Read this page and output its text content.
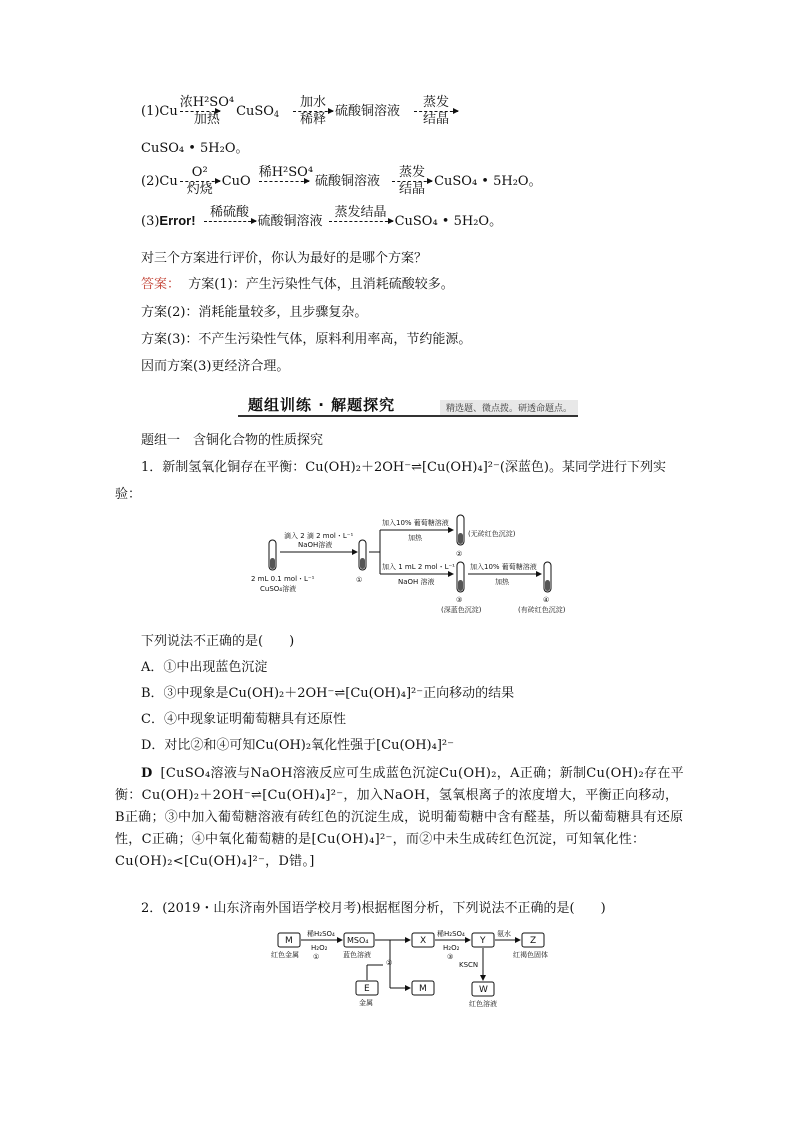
(1)Cu
浓H²SO⁴
加热
CuSO$_4$
加水
稀释
硫酸铜溶液
蒸发
结晶
CuSO₄ • 5H₂O。
(2)Cu
O²
灼烧
CuO
稀H²SO⁴

硫酸铜溶液
蒸发
结晶
CuSO₄ • 5H₂O。
(3)Error!
稀硫酸

硫酸铜溶液
蒸发结晶

CuSO₄ • 5H₂O。
对三个方案进行评价，你认为最好的是哪个方案？
答案： 方案(1)：产生污染性气体，且消耗硫酸较多。
方案(2)：消耗能量较多，且步骤复杂。
方案(3)：不产生污染性气体，原料利用率高，节约能源。
因而方案(3)更经济合理。
题组训练 · 解题探究	精选题、微点拨。研透命题点。
题组一　含铜化合物的性质探究
1．新制氢氧化铜存在平衡：Cu(OH)₂＋2OH⁻⇌[Cu(OH)₄]²⁻(深蓝色)。某同学进行下列实
验：
2 mL 0.1 mol・L⁻¹
CuSO₄溶液
滴入 2 滴 2 mol・L⁻¹
NaOH溶液
①
加入10% 葡萄糖溶液
加热
加入 1 mL 2 mol・L⁻¹
NaOH 溶液
②
(无砖红色沉淀)
③
(深蓝色沉淀)
加入10% 葡萄糖溶液
加热
④
(有砖红色沉淀)
下列说法不正确的是(　　)
A．①中出现蓝色沉淀
B．③中现象是Cu(OH)₂＋2OH⁻⇌[Cu(OH)₄]²⁻正向移动的结果
C．④中现象证明葡萄糖具有还原性
D．对比②和④可知Cu(OH)₂氧化性强于[Cu(OH)₄]²⁻
D [CuSO₄溶液与NaOH溶液反应可生成蓝色沉淀Cu(OH)₂，A正确；新制Cu(OH)₂存在平衡：Cu(OH)₂＋2OH⁻⇌[Cu(OH)₄]²⁻，加入NaOH，氢氧根离子的浓度增大，平衡正向移动，B正确；③中加入葡萄糖溶液有砖红色的沉淀生成，说明葡萄糖中含有醛基，所以葡萄糖具有还原性，C正确；④中氧化葡萄糖的是[Cu(OH)₄]²⁻，而②中未生成砖红色沉淀，可知氧化性：Cu(OH)₂<[Cu(OH)₄]²⁻，D错。]
2．(2019・山东济南外国语学校月考)根据框图分析，下列说法不正确的是(　　)
M
红色金属
稀H₂SO₄
H₂O₂
①
MSO₄
蓝色溶液
②
E
金属
X
M
稀H₂SO₄
H₂O₂
③
Y
氨水
Z
红褐色固体
KSCN
W
红色溶液
